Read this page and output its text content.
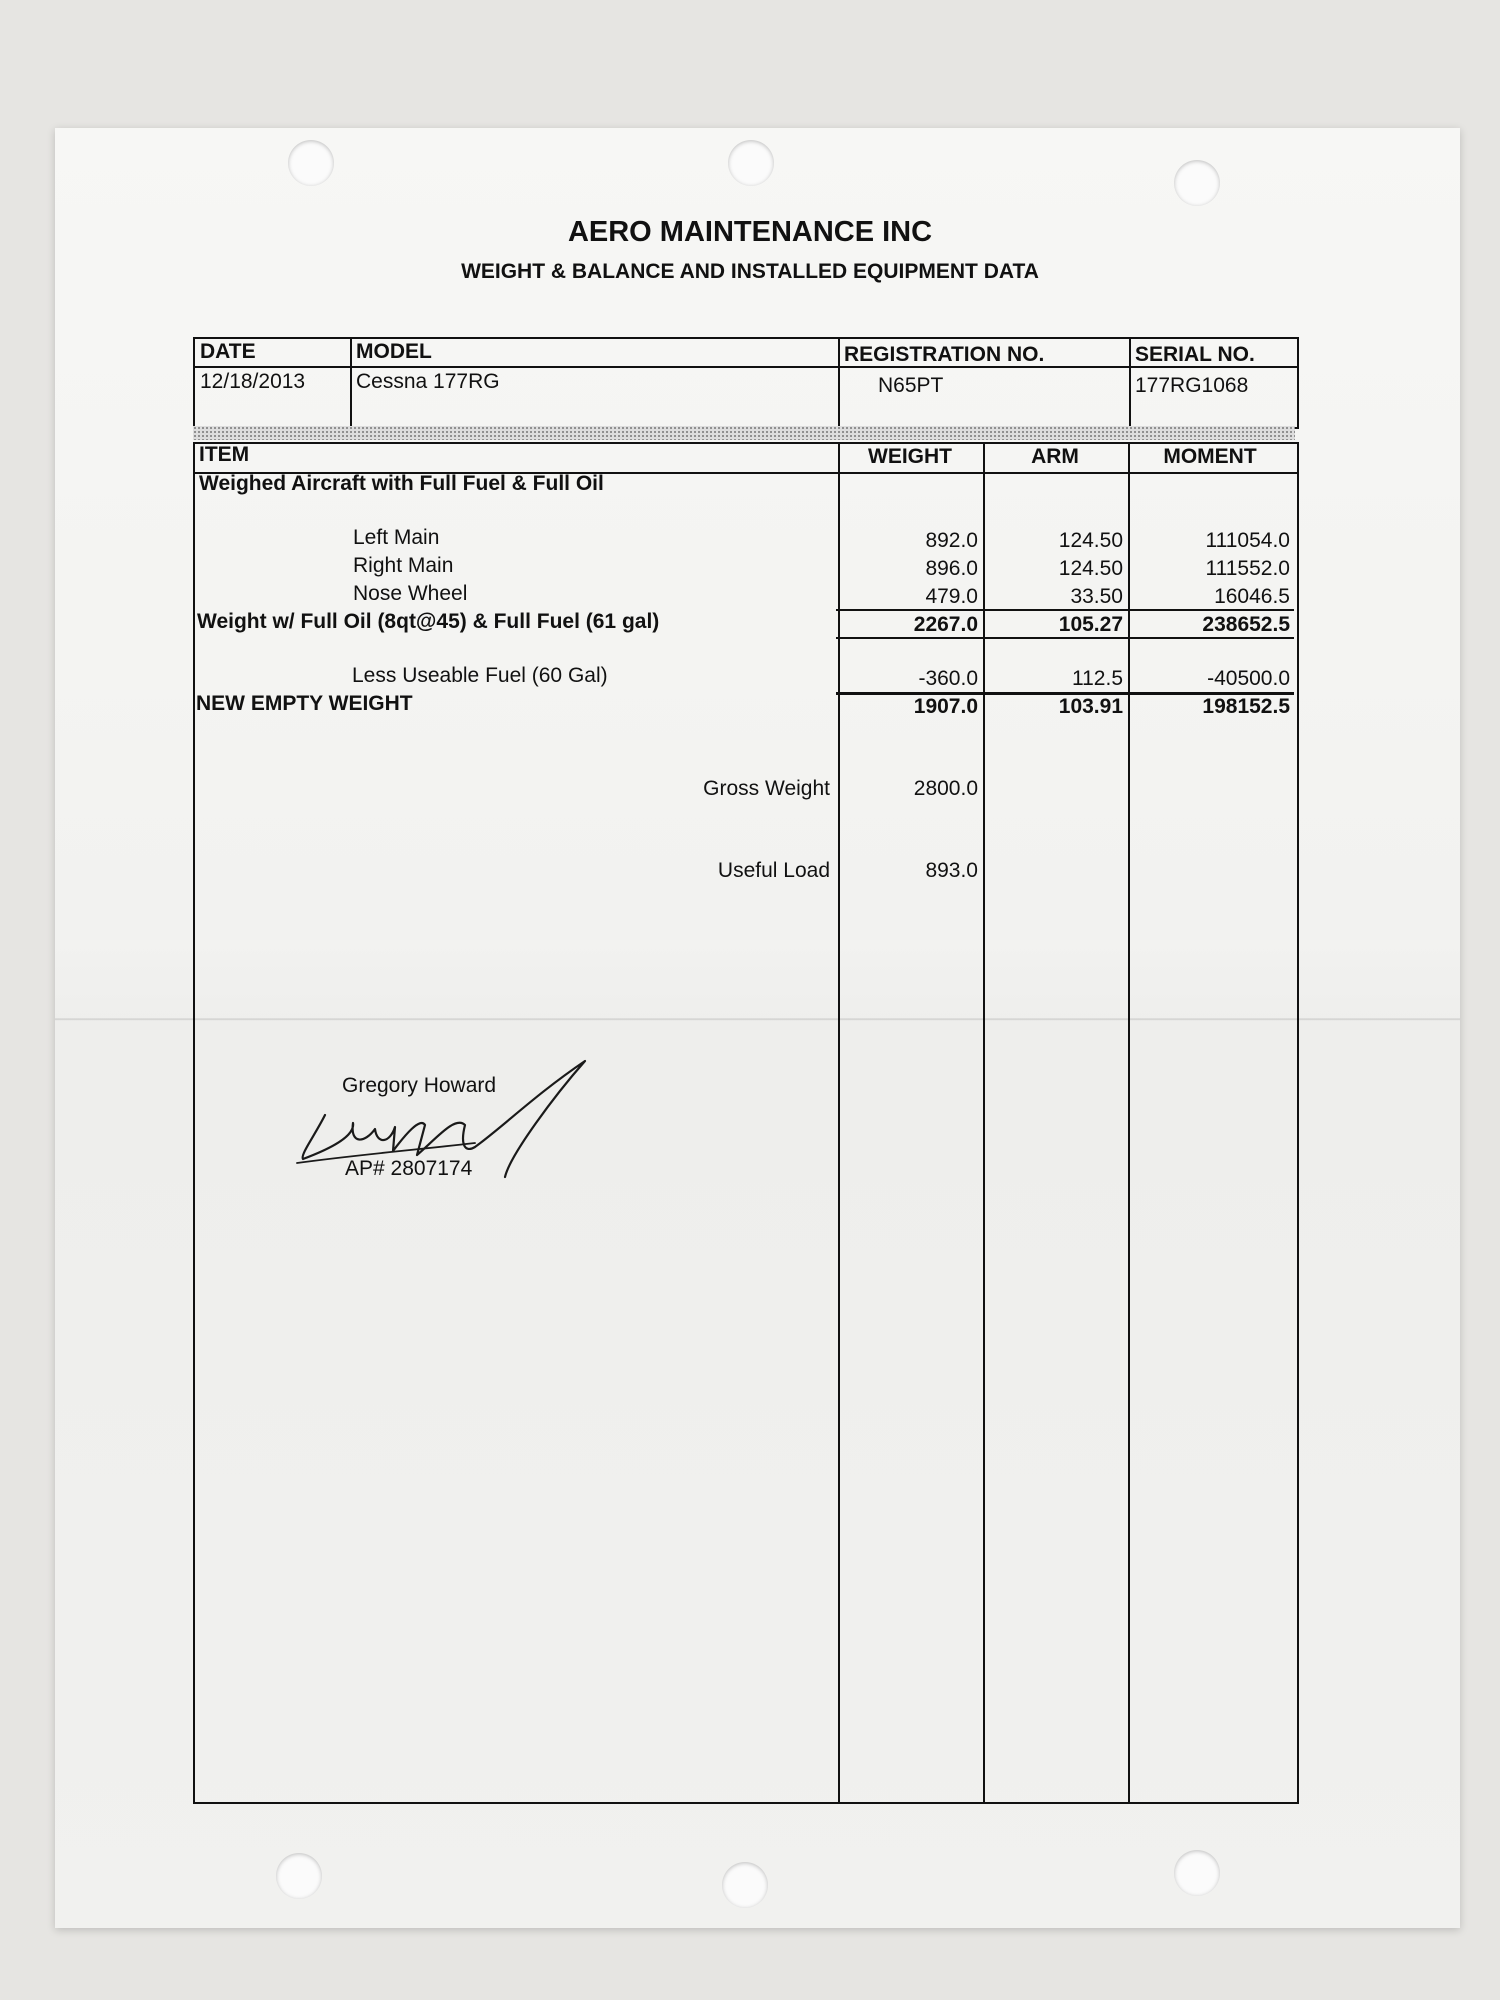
AERO MAINTENANCE INC
WEIGHT & BALANCE AND INSTALLED EQUIPMENT DATA
DATE	MODEL	REGISTRATION NO.	SERIAL NO.
12/18/2013 Cessna 177RG	N65PT	177RG1068
ITEM	WEIGHT	ARM	MOMENT
Weighed Aircraft with Full Fuel & Full Oil
Left Main	892.0	124.50	111054.0
Right Main	896.0	124.50	111552.0
Nose Wheel	479.0	33.50	16046.5
Weight w/ Full Oil (8qt@45) & Full Fuel (61 gal)	2267.0	105.27	238652.5
Less Useable Fuel (60 Gal)	-360.0	112.5	-40500.0
NEW EMPTY WEIGHT	1907.0	103.91	198152.5
Gross Weight	2800.0
Useful Load	893.0
Gregory Howard
AP# 2807174
